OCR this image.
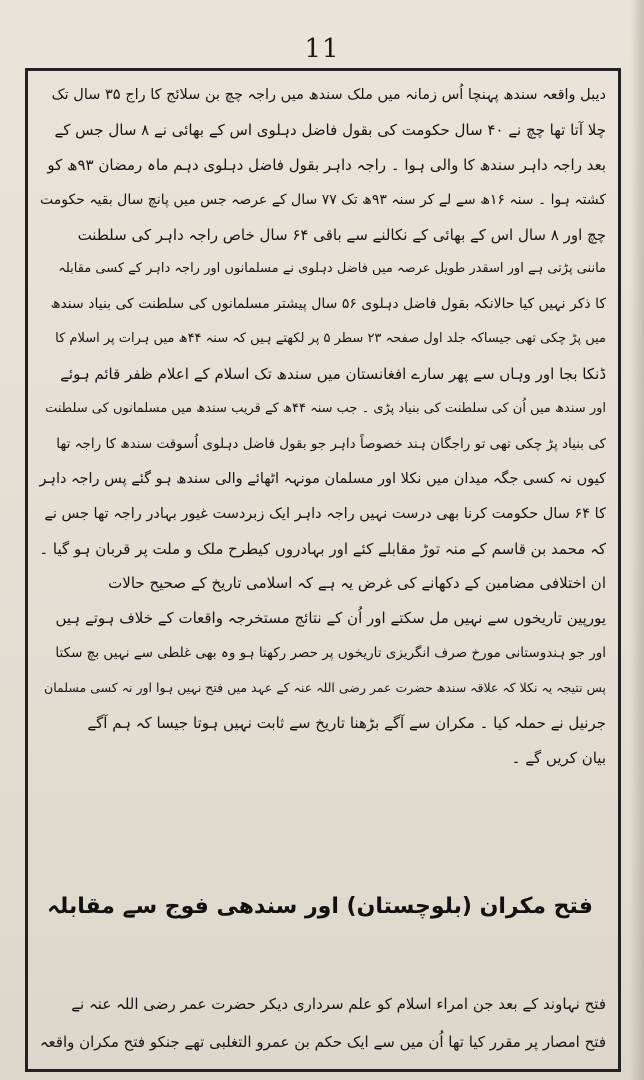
11
دیبل واقعہ سندھ پہنچا اُس زمانہ میں ملک سندھ میں راجہ چچ بن سلائج کا راج ۳۵ سال تک
چلا آتا تھا چچ نے ۴۰ سال حکومت کی بقول فاضل دہلوی اس کے بھائی نے ۸ سال جس کے
بعد راجہ داہر سندھ کا والی ہوا ۔ راجہ داہر بقول فاضل دہلوی دہم ماہ رمضان ۹۳ھ کو
کشتہ ہوا ۔ سنہ ۱۶ھ سے لے کر سنہ ۹۳ھ تک ۷۷ سال کے عرصہ جس میں پانچ سال بقیہ حکومت
چچ اور ۸ سال اس کے بھائی کے نکالنے سے باقی ۶۴ سال خاص راجہ داہر کی سلطنت
ماننی پڑتی ہے اور اسقدر طویل عرصہ میں فاضل دہلوی نے مسلمانوں اور راجہ داہر کے کسی مقابلہ
کا ذکر نہیں کیا حالانکہ بقول فاضل دہلوی ۵۶ سال پیشتر مسلمانوں کی سلطنت کی بنیاد سندھ
میں پڑ چکی تھی جیساکہ جلد اول صفحہ ۲۳ سطر ۵ پر لکھتے ہیں کہ سنہ ۴۴ھ میں ہرات پر اسلام کا
ڈنکا بجا اور وہاں سے پھر سارے افغانستان میں سندھ تک اسلام کے اعلام ظفر قائم ہوئے
اور سندھ میں اُن کی سلطنت کی بنیاد پڑی ۔ جب سنہ ۴۴ھ کے قریب سندھ میں مسلمانوں کی سلطنت
کی بنیاد پڑ چکی تھی تو راجگان ہند خصوصاً داہر جو بقول فاضل دہلوی اُسوقت سندھ کا راجہ تھا
کیوں نہ کسی جگہ میدان میں نکلا اور مسلمان مونہہ اٹھائے والی سندھ ہو گئے پس راجہ داہر
کا ۶۴ سال حکومت کرنا بھی درست نہیں راجہ داہر ایک زبردست غیور بہادر راجہ تھا جس نے
کہ محمد بن قاسم کے منہ توڑ مقابلے کئے اور بہادروں کیطرح ملک و ملت پر قربان ہو گیا ۔
ان اختلافی مضامین کے دکھانے کی غرض یہ ہے کہ اسلامی تاریخ کے صحیح حالات
یورپین تاریخوں سے نہیں مل سکتے اور اُن کے نتائج مستخرجہ واقعات کے خلاف ہوتے ہیں
اور جو ہندوستانی مورخ صرف انگریزی تاریخوں پر حصر رکھتا ہو وہ بھی غلطی سے نہیں بچ سکتا
پس نتیجہ یہ نکلا کہ علاقہ سندھ حضرت عمر رضی اللہ عنہ کے عہد میں فتح نہیں ہوا اور نہ کسی مسلمان
جرنیل نے حملہ کیا ۔ مکران سے آگے بڑھنا تاریخ سے ثابت نہیں ہوتا جیسا کہ ہم آگے
بیان کریں گے ۔
فتح مکران (بلوچستان) اور سندھی فوج سے مقابلہ
فتح نہاوند کے بعد جن امراء اسلام کو علم سرداری دیکر حضرت عمر رضی اللہ عنہ نے
فتح امصار پر مقرر کیا تھا اُن میں سے ایک حکم بن عمرو التغلبی تھے جنکو فتح مکران واقعہ
